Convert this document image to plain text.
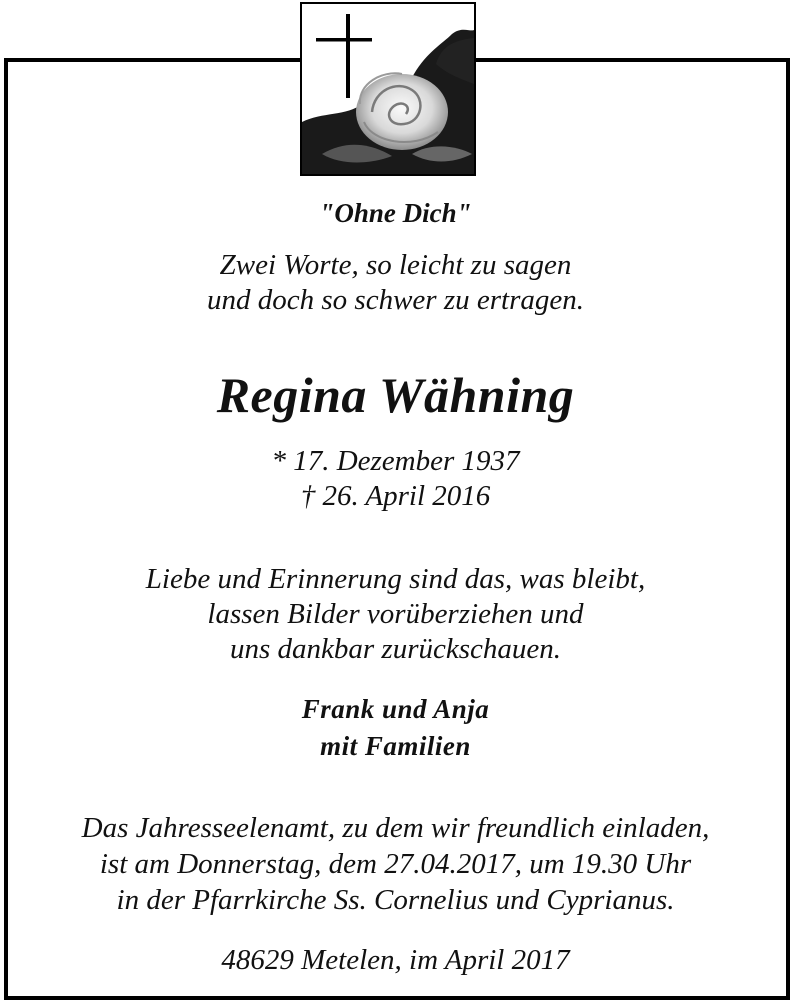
"Ohne Dich"
Zwei Worte, so leicht zu sagen
und doch so schwer zu ertragen.
Regina Wähning
* 17. Dezember 1937
† 26. April 2016
Liebe und Erinnerung sind das, was bleibt,
lassen Bilder vorüberziehen und
uns dankbar zurückschauen.
Frank und Anja
mit Familien
Das Jahresseelenamt, zu dem wir freundlich einladen,
ist am Donnerstag, dem 27.04.2017, um 19.30 Uhr
in der Pfarrkirche Ss. Cornelius und Cyprianus.
48629 Metelen, im April 2017
